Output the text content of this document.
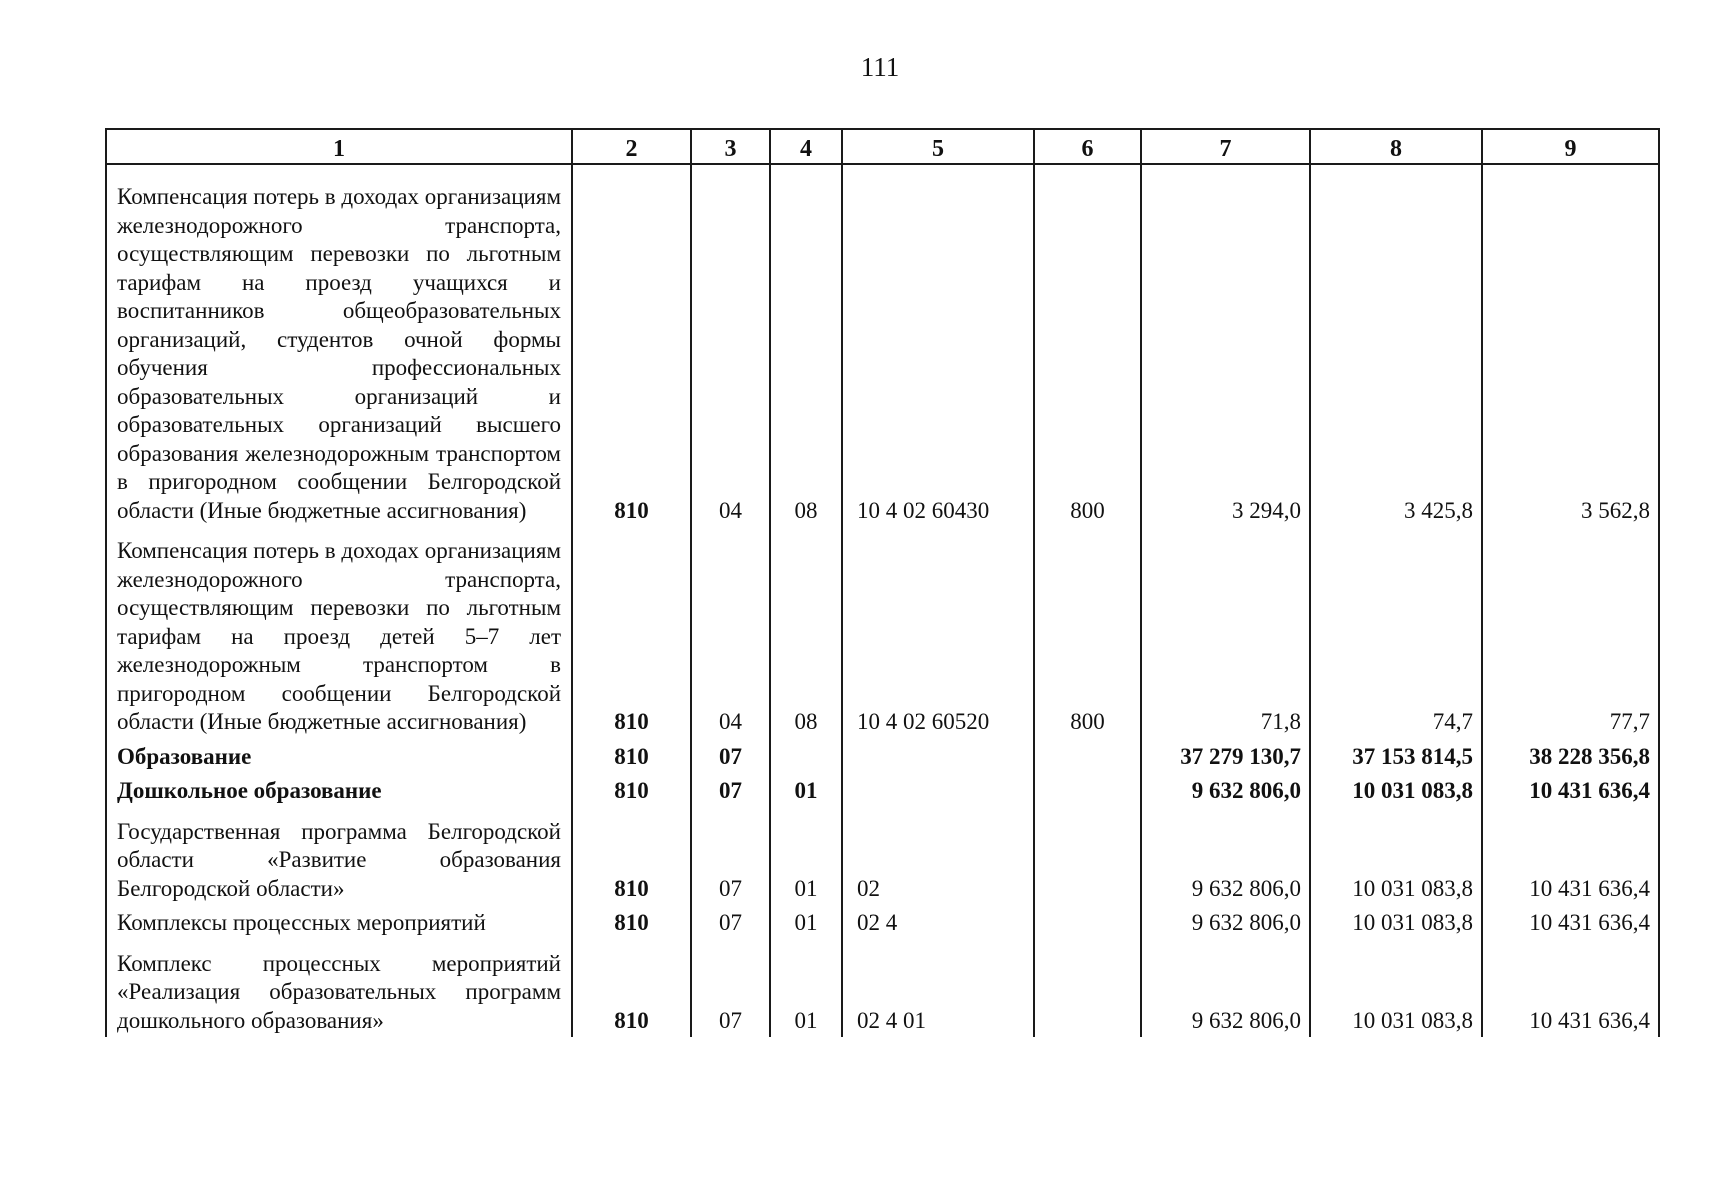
111
1	2	3	4	5	6	7	8	9
Компенсация потерь в доходах организациям железнодорожного транспорта, осуществляющим перевозки по льготным тарифам на проезд учащихся и воспитанников общеобразовательных организаций, студентов очной формы обучения профессиональных образовательных организаций и образовательных организаций высшего образования железнодорожным транспортом в пригородном сообщении Белгородской области (Иные бюджетные ассигнования)	810	04	08	10 4 02 60430	800	3 294,0	3 425,8	3 562,8
Компенсация потерь в доходах организациям железнодорожного транспорта, осуществляющим перевозки по льготным тарифам на проезд детей 5–7 лет железнодорожным транспортом в пригородном сообщении Белгородской области (Иные бюджетные ассигнования)	810	04	08	10 4 02 60520	800	71,8	74,7	77,7
Образование	810	07				37 279 130,7	37 153 814,5	38 228 356,8
Дошкольное образование	810	07	01			9 632 806,0	10 031 083,8	10 431 636,4
Государственная программа Белгородской области «Развитие образования Белгородской области»	810	07	01	02		9 632 806,0	10 031 083,8	10 431 636,4
Комплексы процессных мероприятий	810	07	01	02 4		9 632 806,0	10 031 083,8	10 431 636,4
Комплекс процессных мероприятий «Реализация образовательных программ дошкольного образования»	810	07	01	02 4 01		9 632 806,0	10 031 083,8	10 431 636,4
